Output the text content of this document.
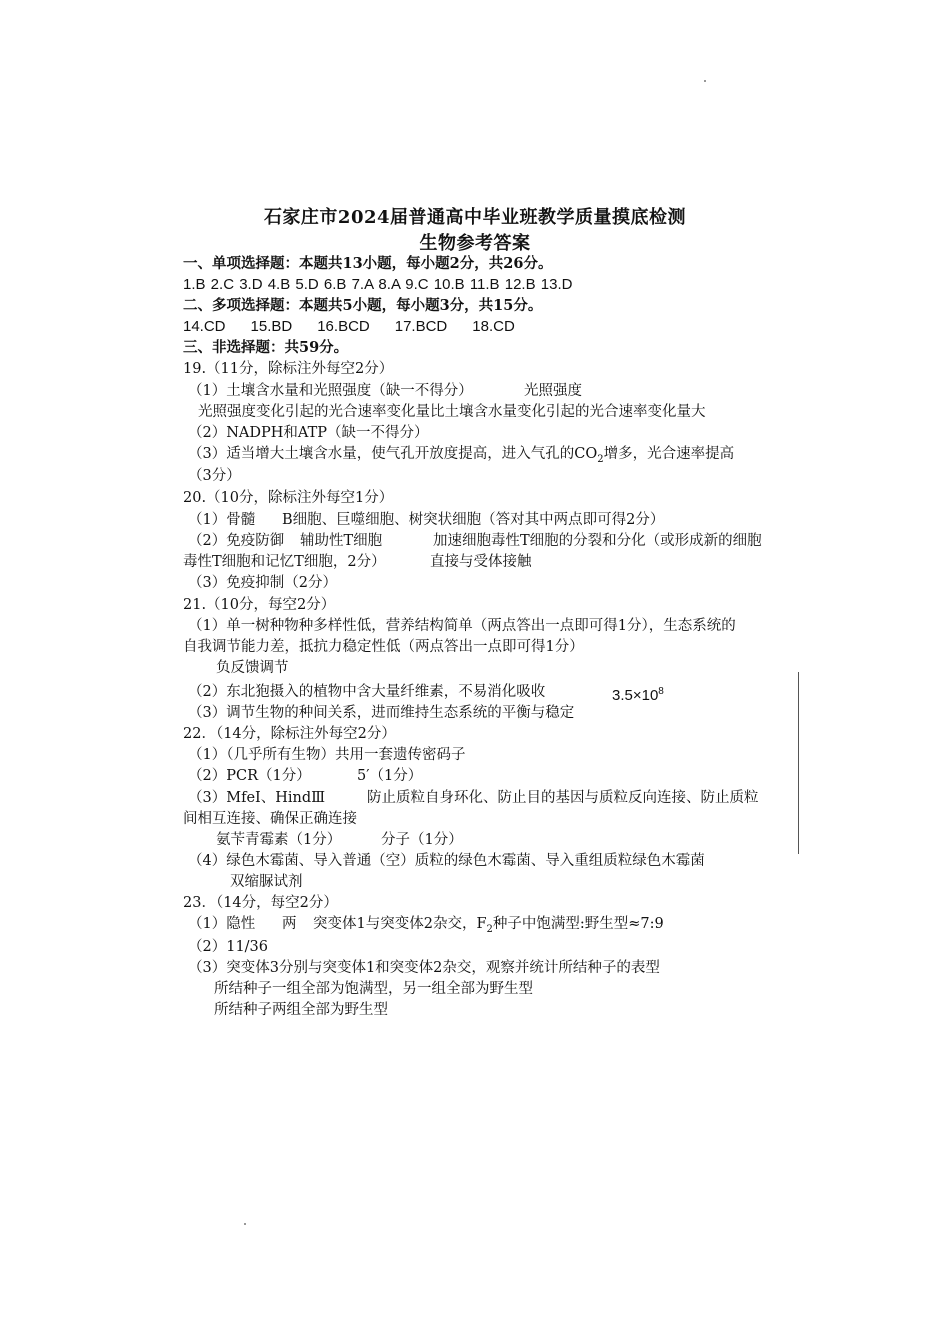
石家庄市2024届普通高中毕业班教学质量摸底检测
生物参考答案
一、单项选择题：本题共13小题，每小题2分，共26分。
1.B 2.C 3.D 4.B 5.D 6.B 7.A 8.A 9.C 10.B 11.B 12.B 13.D
二、多项选择题：本题共5小题，每小题3分，共15分。
14.CD      15.BD      16.BCD      17.BCD      18.CD
三、非选择题：共59分。
19.（11分，除标注外每空2分）
（1）土壤含水量和光照强度（缺一不得分）	光照强度
光照强度变化引起的光合速率变化量比土壤含水量变化引起的光合速率变化量大
（2）NADPH和ATP（缺一不得分）
（3）适当增大土壤含水量，使气孔开放度提高，进入气孔的$CO_2$增多，光合速率提高
（3分）
20.（10分，除标注外每空1分）
（1）骨髓 B细胞、巨噬细胞、树突状细胞（答对其中两点即可得2分）
（2）免疫防御 辅助性T细胞	加速细胞毒性T细胞的分裂和分化（或形成新的细胞
毒性T细胞和记忆T细胞，2分）	直接与受体接触
（3）免疫抑制（2分）
21.（10分，每空2分）
（1）单一树种物种多样性低，营养结构简单（两点答出一点即可得1分），生态系统的
自我调节能力差，抵抗力稳定性低（两点答出一点即可得1分）
负反馈调节
（2）东北狍摄入的植物中含大量纤维素，不易消化吸收	$3.5\times 10^8$
（3）调节生物的种间关系，进而维持生态系统的平衡与稳定
22．（14分，除标注外每空2分）
（1）（几乎所有生物）共用一套遗传密码子
（2）PCR（1分）	5′（1分）
（3）MfeⅠ、HindⅢ	防止质粒自身环化、防止目的基因与质粒反向连接、防止质粒
间相互连接、确保正确连接
氨苄青霉素（1分）	分子（1分）
（4）绿色木霉菌、导入普通（空）质粒的绿色木霉菌、导入重组质粒绿色木霉菌
双缩脲试剂
23．（14分，每空2分）
（1）隐性 两 突变体1与突变体2杂交，$F_2$种子中饱满型:野生型≈7:9
（2）11/36
（3）突变体3分别与突变体1和突变体2杂交，观察并统计所结种子的表型
所结种子一组全部为饱满型，另一组全部为野生型
所结种子两组全部为野生型
